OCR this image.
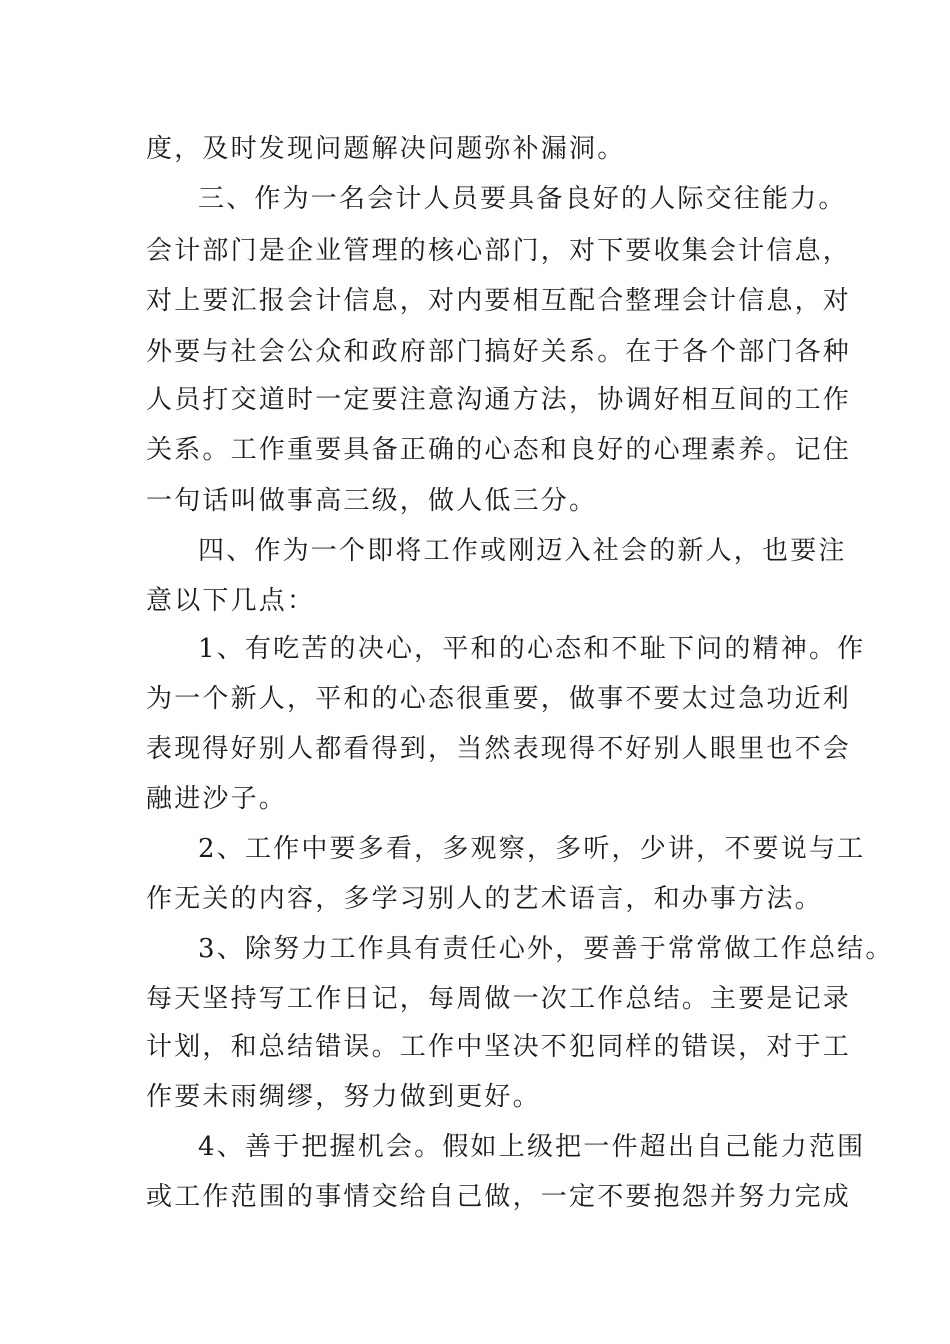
度，及时发现问题解决问题弥补漏洞。
三、作为一名会计人员要具备良好的人际交往能力。
会计部门是企业管理的核心部门，对下要收集会计信息，
对上要汇报会计信息，对内要相互配合整理会计信息，对
外要与社会公众和政府部门搞好关系。在于各个部门各种
人员打交道时一定要注意沟通方法，协调好相互间的工作
关系。工作重要具备正确的心态和良好的心理素养。记住
一句话叫做事高三级，做人低三分。
四、作为一个即将工作或刚迈入社会的新人，也要注
意以下几点：
1、有吃苦的决心，平和的心态和不耻下问的精神。作
为一个新人，平和的心态很重要，做事不要太过急功近利
表现得好别人都看得到，当然表现得不好别人眼里也不会
融进沙子。
2、工作中要多看，多观察，多听，少讲，不要说与工
作无关的内容，多学习别人的艺术语言，和办事方法。
3、除努力工作具有责任心外，要善于常常做工作总结。
每天坚持写工作日记，每周做一次工作总结。主要是记录
计划，和总结错误。工作中坚决不犯同样的错误，对于工
作要未雨绸缪，努力做到更好。
4、善于把握机会。假如上级把一件超出自己能力范围
或工作范围的事情交给自己做，一定不要抱怨并努力完成
